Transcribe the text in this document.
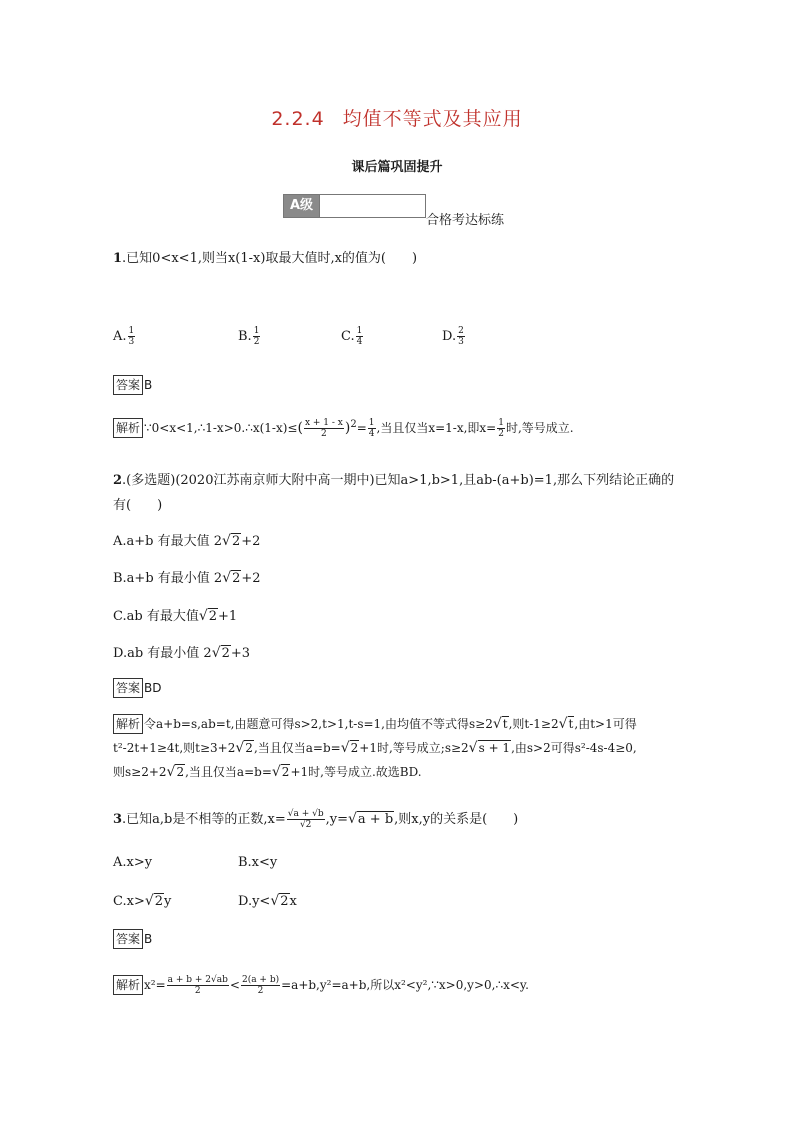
2.2.4 均值不等式及其应用
课后篇巩固提升
A级
合格考达标练
1.已知0<x<1,则当x(1-x)取最大值时,x的值为(　　)
A. $\frac{1}{3}$	B. $\frac{1}{2}$	C. $\frac{1}{4}$	D. $\frac{2}{3}$
答案 B
解析 ∵0<x<1,∴1-x>0.∴x(1-x)≤( $\frac{x + 1 - x}{2} )^2= \frac{1}{4}$ ,当且仅当x=1-x,即$x= \frac{1}{2}$ 时,等号成立.
2.(多选题)(2020江苏南京师大附中高一期中)已知a>1,b>1,且ab-(a+b)=1,那么下列结论正确的
有(　　)
A.a+b 有最大值 2√2+2
B.a+b 有最小值 2√2+2
C.ab 有最大值√2+1
D.ab 有最小值 2√2+3
答案 BD
解析 令a+b=s,ab=t,由题意可得s>2,t>1,t-s=1,由均值不等式得s≥2√t,则t-1≥2√t,由t>1可得
t²-2t+1≥4t,则t≥3+2√2,当且仅当a=b=√2+1时,等号成立;s≥2√s + 1,由s>2可得s²-4s-4≥0,
则s≥2+2√2,当且仅当a=b=√2+1时,等号成立.故选BD.
3.已知a,b是不相等的正数$,x= \frac{√a + √b}{√2} ,y=√a + b$,则x,y的关系是(　　)
A.x>y	B.x<y
C.x>√2y	D.y<√2x
答案 B
解析 $x^2= \frac{a + b + 2√ab}{2} < \frac{2(a + b)}{2} =a+b,y^2=a+b$,所以x²<y²,∵x>0,y>0,∴x<y.
